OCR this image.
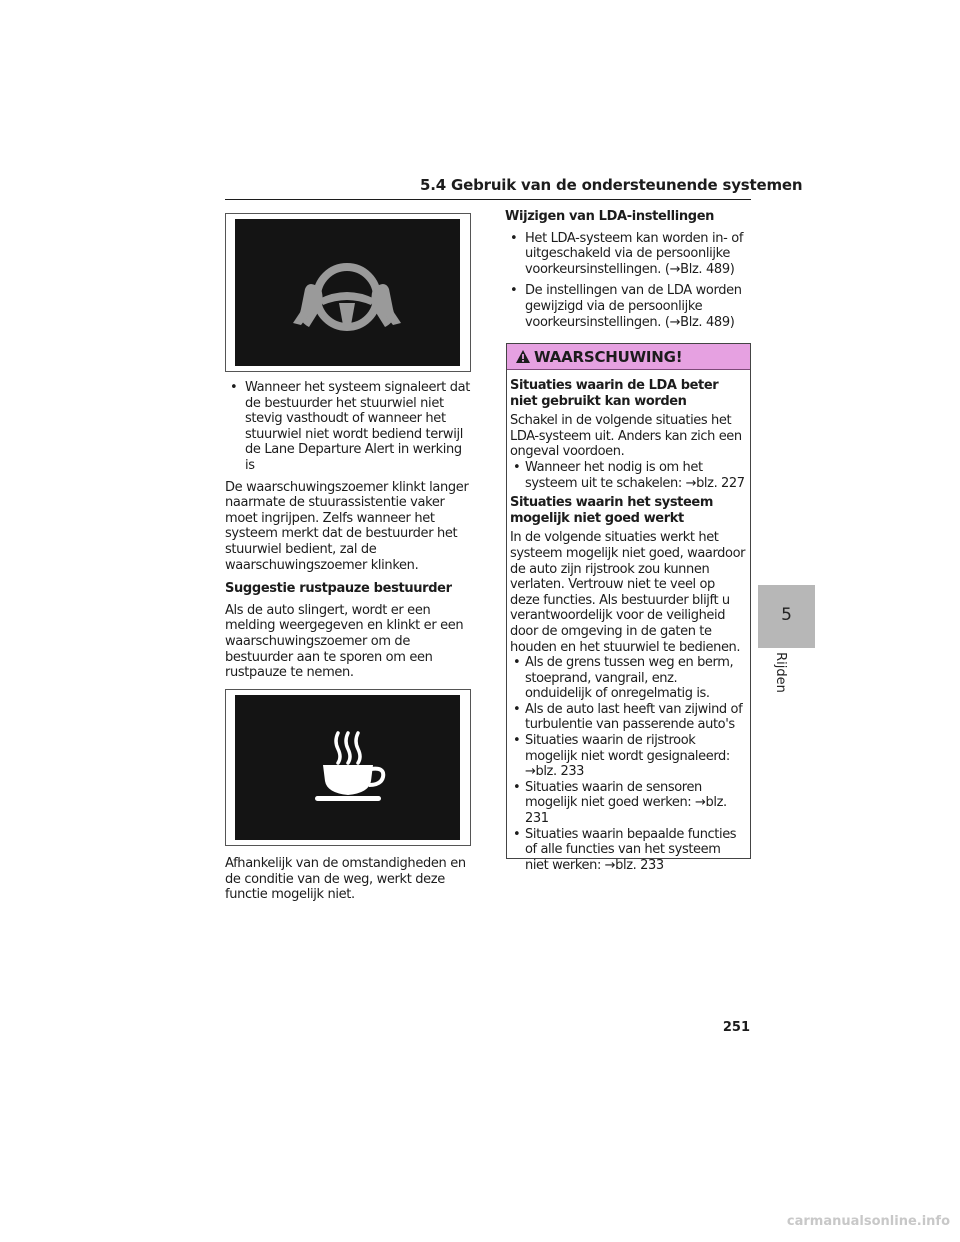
5.4 Gebruik van de ondersteunende systemen
• Wanneer het systeem signaleert dat de bestuurder het stuurwiel niet stevig vasthoudt of wanneer het stuurwiel niet wordt bediend terwijl de Lane Departure Alert in werking is

De waarschuwingszoemer klinkt langer naarmate de stuurassistentie vaker moet ingrijpen. Zelfs wanneer het systeem merkt dat de bestuurder het stuurwiel bedient, zal de waarschuwingszoemer klinken.

Suggestie rustpauze bestuurder

Als de auto slingert, wordt er een melding weergegeven en klinkt er een waarschuwingszoemer om de bestuurder aan te sporen om een rustpauze te nemen.

Afhankelijk van de omstandigheden en de conditie van de weg, werkt deze functie mogelijk niet.

Wijzigen van LDA-instellingen

• Het LDA-systeem kan worden in- of uitgeschakeld via de persoonlijke voorkeursinstellingen. (→Blz. 489)
• De instellingen van de LDA worden gewijzigd via de persoonlijke voorkeursinstellingen. (→Blz. 489)
WAARSCHUWING!

Situaties waarin de LDA beter niet gebruikt kan worden

Schakel in de volgende situaties het LDA-systeem uit. Anders kan zich een ongeval voordoen.

• Wanneer het nodig is om het systeem uit te schakelen: →blz. 227

Situaties waarin het systeem mogelijk niet goed werkt

In de volgende situaties werkt het systeem mogelijk niet goed, waardoor de auto zijn rijstrook zou kunnen verlaten. Vertrouw niet te veel op deze functies. Als bestuurder blijft u verantwoordelijk voor de veiligheid door de omgeving in de gaten te houden en het stuurwiel te bedienen.

• Als de grens tussen weg en berm, stoeprand, vangrail, enz. onduidelijk of onregelmatig is.
• Als de auto last heeft van zijwind of turbulentie van passerende auto's
• Situaties waarin de rijstrook mogelijk niet wordt gesignaleerd: →blz. 233
• Situaties waarin de sensoren mogelijk niet goed werken: →blz. 231
• Situaties waarin bepaalde functies of alle functies van het systeem niet werken: →blz. 233
5
Rijden
251
carmanualsonline.info
